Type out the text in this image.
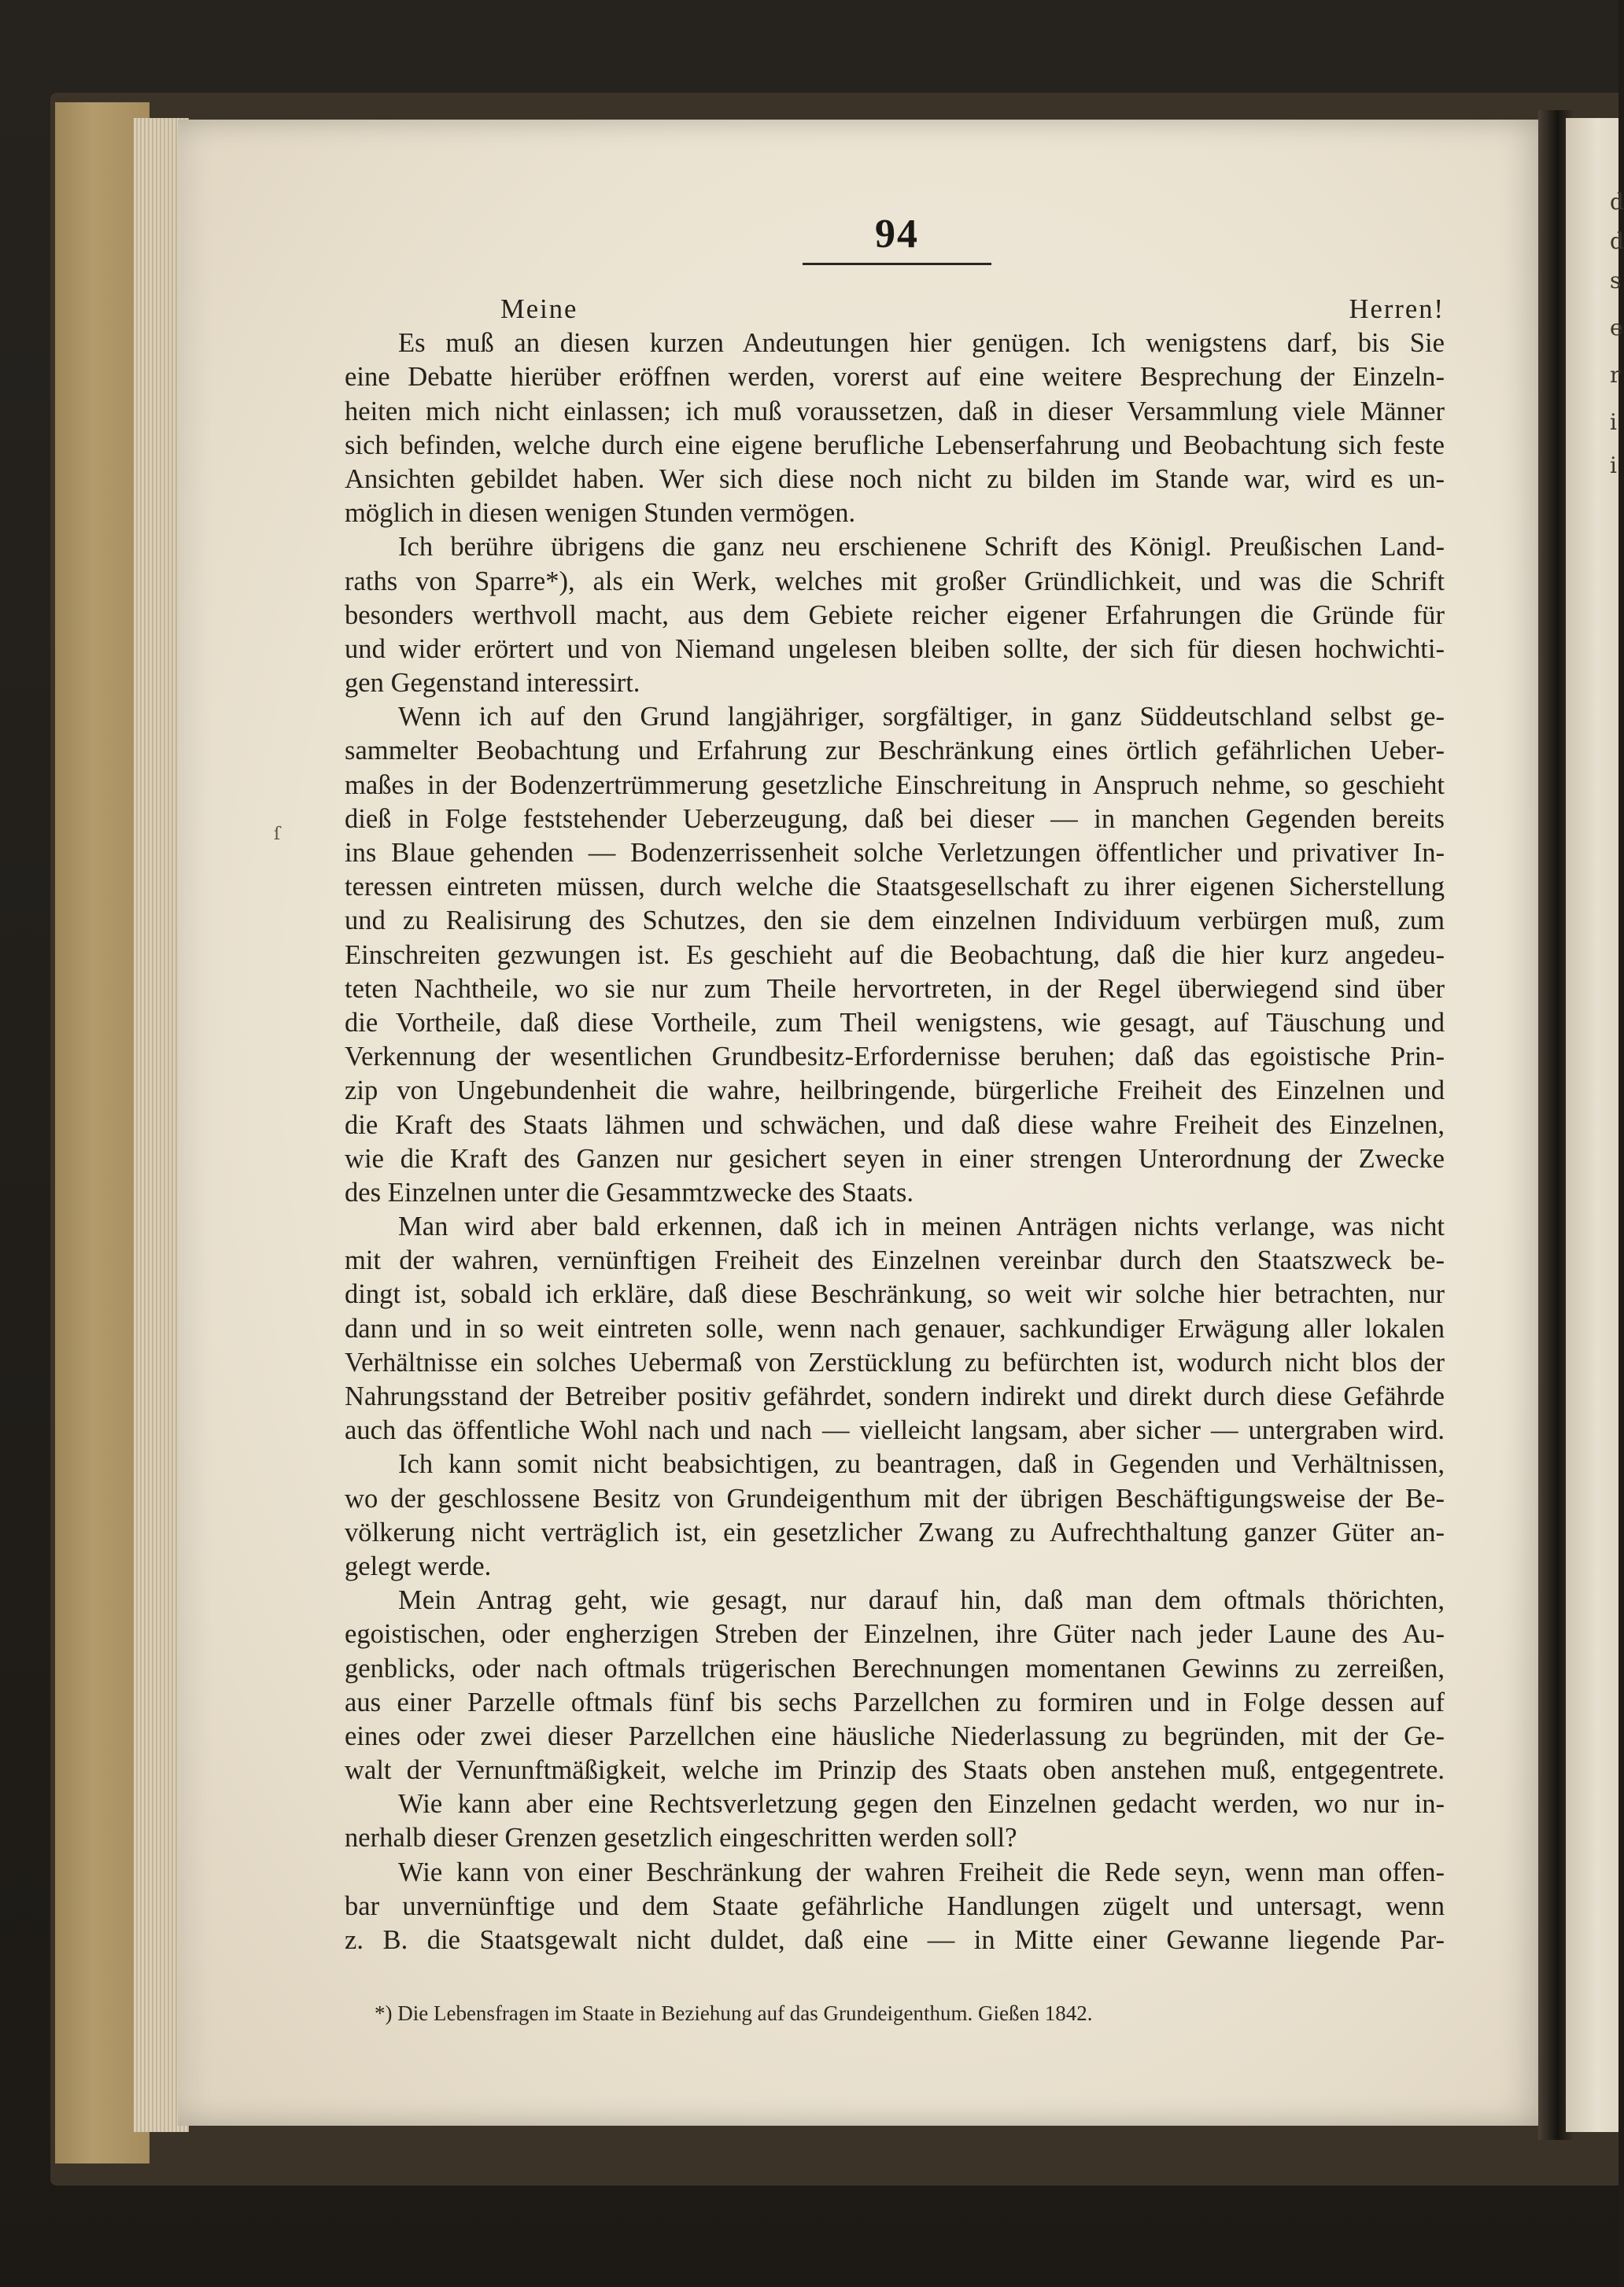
d
d
s
e
r
i
i
94
Meine Herren!
Es muß an diesen kurzen Andeutungen hier genügen. Ich wenigstens darf, bis Sie
eine Debatte hierüber eröffnen werden, vorerst auf eine weitere Besprechung der Einzeln-
heiten mich nicht einlassen; ich muß voraussetzen, daß in dieser Versammlung viele Männer
sich befinden, welche durch eine eigene berufliche Lebenserfahrung und Beobachtung sich feste
Ansichten gebildet haben. Wer sich diese noch nicht zu bilden im Stande war, wird es un-
möglich in diesen wenigen Stunden vermögen.
Ich berühre übrigens die ganz neu erschienene Schrift des Königl. Preußischen Land-
raths von Sparre*), als ein Werk, welches mit großer Gründlichkeit, und was die Schrift
besonders werthvoll macht, aus dem Gebiete reicher eigener Erfahrungen die Gründe für
und wider erörtert und von Niemand ungelesen bleiben sollte, der sich für diesen hochwichti-
gen Gegenstand interessirt.
Wenn ich auf den Grund langjähriger, sorgfältiger, in ganz Süddeutschland selbst ge-
sammelter Beobachtung und Erfahrung zur Beschränkung eines örtlich gefährlichen Ueber-
maßes in der Bodenzertrümmerung gesetzliche Einschreitung in Anspruch nehme, so geschieht
dieß in Folge feststehender Ueberzeugung, daß bei dieser — in manchen Gegenden bereits
ins Blaue gehenden — Bodenzerrissenheit solche Verletzungen öffentlicher und privativer In-
teressen eintreten müssen, durch welche die Staatsgesellschaft zu ihrer eigenen Sicherstellung
und zu Realisirung des Schutzes, den sie dem einzelnen Individuum verbürgen muß, zum
Einschreiten gezwungen ist. Es geschieht auf die Beobachtung, daß die hier kurz angedeu-
teten Nachtheile, wo sie nur zum Theile hervortreten, in der Regel überwiegend sind über
die Vortheile, daß diese Vortheile, zum Theil wenigstens, wie gesagt, auf Täuschung und
Verkennung der wesentlichen Grundbesitz-Erfordernisse beruhen; daß das egoistische Prin-
zip von Ungebundenheit die wahre, heilbringende, bürgerliche Freiheit des Einzelnen und
die Kraft des Staats lähmen und schwächen, und daß diese wahre Freiheit des Einzelnen,
wie die Kraft des Ganzen nur gesichert seyen in einer strengen Unterordnung der Zwecke
des Einzelnen unter die Gesammtzwecke des Staats.
Man wird aber bald erkennen, daß ich in meinen Anträgen nichts verlange, was nicht
mit der wahren, vernünftigen Freiheit des Einzelnen vereinbar durch den Staatszweck be-
dingt ist, sobald ich erkläre, daß diese Beschränkung, so weit wir solche hier betrachten, nur
dann und in so weit eintreten solle, wenn nach genauer, sachkundiger Erwägung aller lokalen
Verhältnisse ein solches Uebermaß von Zerstücklung zu befürchten ist, wodurch nicht blos der
Nahrungsstand der Betreiber positiv gefährdet, sondern indirekt und direkt durch diese Gefährde
auch das öffentliche Wohl nach und nach — vielleicht langsam, aber sicher — untergraben wird.
Ich kann somit nicht beabsichtigen, zu beantragen, daß in Gegenden und Verhältnissen,
wo der geschlossene Besitz von Grundeigenthum mit der übrigen Beschäftigungsweise der Be-
völkerung nicht verträglich ist, ein gesetzlicher Zwang zu Aufrechthaltung ganzer Güter an-
gelegt werde.
Mein Antrag geht, wie gesagt, nur darauf hin, daß man dem oftmals thörichten,
egoistischen, oder engherzigen Streben der Einzelnen, ihre Güter nach jeder Laune des Au-
genblicks, oder nach oftmals trügerischen Berechnungen momentanen Gewinns zu zerreißen,
aus einer Parzelle oftmals fünf bis sechs Parzellchen zu formiren und in Folge dessen auf
eines oder zwei dieser Parzellchen eine häusliche Niederlassung zu begründen, mit der Ge-
walt der Vernunftmäßigkeit, welche im Prinzip des Staats oben anstehen muß, entgegentrete.
Wie kann aber eine Rechtsverletzung gegen den Einzelnen gedacht werden, wo nur in-
nerhalb dieser Grenzen gesetzlich eingeschritten werden soll?
Wie kann von einer Beschränkung der wahren Freiheit die Rede seyn, wenn man offen-
bar unvernünftige und dem Staate gefährliche Handlungen zügelt und untersagt, wenn
z. B. die Staatsgewalt nicht duldet, daß eine — in Mitte einer Gewanne liegende Par-
ſ
*) Die Lebensfragen im Staate in Beziehung auf das Grundeigenthum. Gießen 1842.
